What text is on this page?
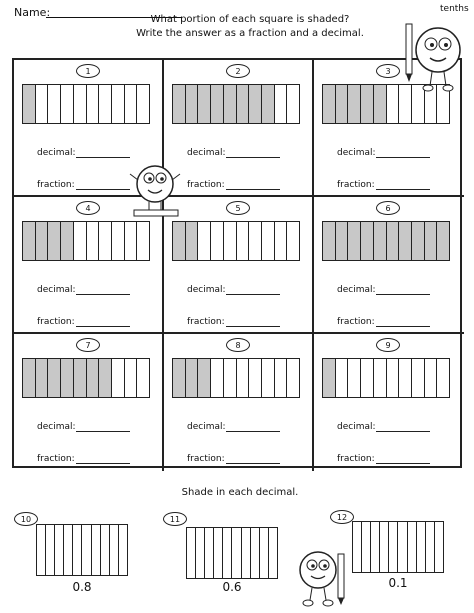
Name:	tenths
What portion of each square is shaded?
Write the answer as a fraction and a decimal.
1
decimal:
fraction:
2
decimal:
fraction:
3
decimal:
fraction:
4
decimal:
fraction:
5
decimal:
fraction:
6
decimal:
fraction:
7
decimal:
fraction:
8
decimal:
fraction:
9
decimal:
fraction:
Shade in each decimal.
10
0.8
11
0.6
12
0.1
